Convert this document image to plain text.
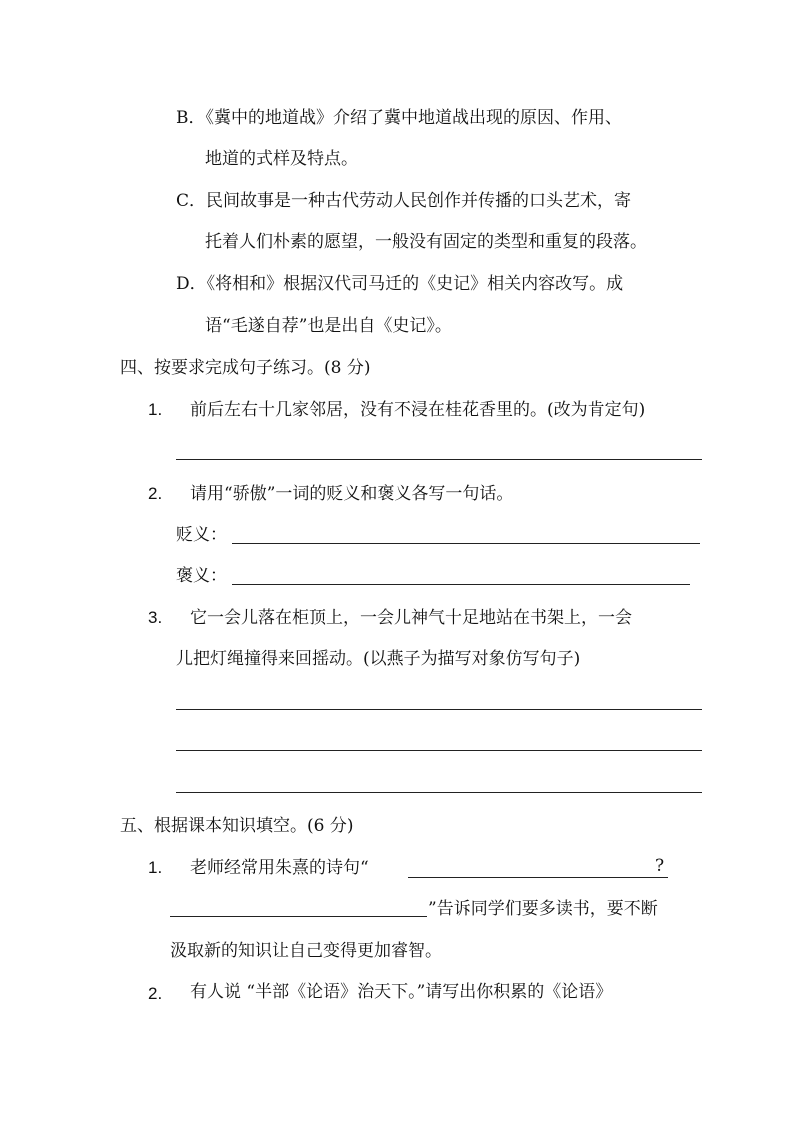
B．《冀中的地道战》介绍了冀中地道战出现的原因、作用、
地道的式样及特点。
C．民间故事是一种古代劳动人民创作并传播的口头艺术，寄
托着人们朴素的愿望，一般没有固定的类型和重复的段落。
D．《将相和》根据汉代司马迁的《史记》相关内容改写。成
语“毛遂自荐”也是出自《史记》。
四、按要求完成句子练习。(8 分)
1. 前后左右十几家邻居，没有不浸在桂花香里的。(改为肯定句)
2. 请用“骄傲”一词的贬义和褒义各写一句话。
贬义：
褒义：
3. 它一会儿落在柜顶上，一会儿神气十足地站在书架上，一会
儿把灯绳撞得来回摇动。(以燕子为描写对象仿写句子)
五、根据课本知识填空。(6 分)
1. 老师经常用朱熹的诗句“	?
”告诉同学们要多读书，要不断
汲取新的知识让自己变得更加睿智。
2. 有人说 “半部《论语》治天下。”请写出你积累的《论语》
